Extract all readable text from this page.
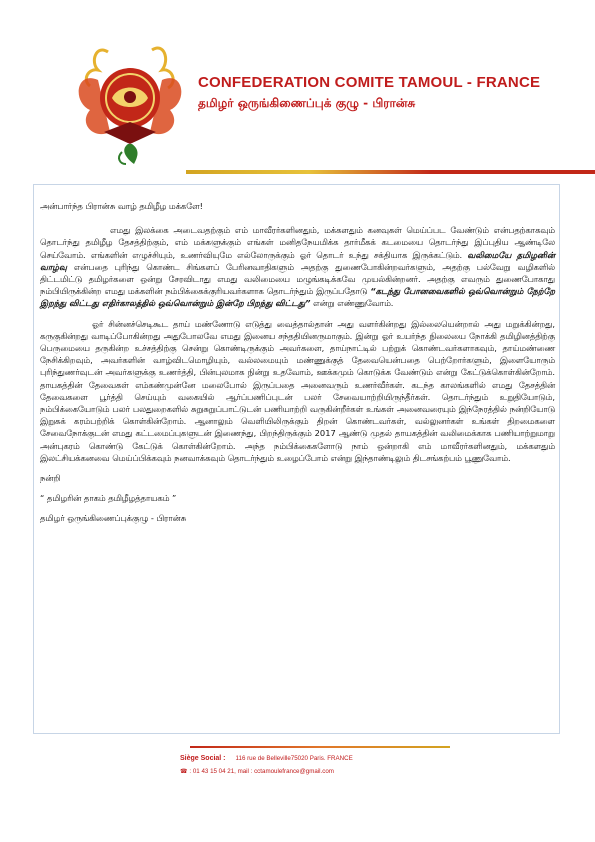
CONFEDERATION COMITE TAMOUL - FRANCE
தமிழர் ஒருங்கிணைப்புக் குழு - பிரான்சு

அன்பார்ந்த பிரான்சு வாழ் தமிழீழ மக்களே!

எமது இலக்கை அடைவதற்கும் எம் மாவீரர்களினதும், மக்களதும் கனவுகள் மெய்ப்பட வேண்டும் என்பதற்காகவும் தொடர்ந்து தமிழீழ தேசத்திற்கும், எம் மக்களுக்கும் எங்கள் மனிதநேயமிக்க தார்மீகக் கடமையை தொடர்ந்து இப்புதிய ஆண்டிலே செய்வோம். எங்களின் எழுச்சியும், உணர்வியுமே எல்லோருக்கும் ஓர் தொடர் உந்து சக்தியாக இருக்கட்டும். வலிமையே தமிழனின் வாழ்வு என்பதை புரிந்து கொண்ட சிங்களப் பேரினவாதிகளும் அதற்கு துணைபோகின்றவர்களும், அதற்கு பல்வேறு வழிகளில் திட்டமிட்டு தமிழர்களை ஒன்று சேரவிடாது எமது வலிமையை மழுங்கடிக்கவே முயல்கின்றனர். அதற்கு எவரும் துணைபோகாது நம்பியிருக்கின்ற எமது மக்களின் நம்பிக்கைக்குரியவர்களாக தொடர்ந்தும் இருப்பதோடு “கடந்து போனவைகளில் ஒவ்வொன்றும் நேற்றே இறந்து விட்டது எதிர்காலத்தில் ஒவ்வொன்றும் இன்றே பிறந்து விட்டது” என்று எண்ணுவோம்.

ஓர் சின்னச்செடிகூட தாய் மண்ணோடு எடுத்து வைத்தால்தான் அது வளர்கின்றது இல்லையென்றால் அது மறுக்கின்றது, கருகுகின்றது வாடிப்போகின்றது அதுபோலவே எமது இனைய சந்ததியினருமாகும். இன்று ஓர் உயர்ந்த நிலையை நோக்கி தமிழினத்திற்கு பெருமையை தருகின்ற உச்சத்திற்கு சென்று கொண்டிருக்கும் அவர்களை, தாய்நாட்டில் பற்றுக் கொண்டவர்களாகவும், தாய்மண்ணை நேசிக்கிறவும், அவர்களின் வாழ்விடமொழியும், வல்லமையும் மண்ணுக்குத் தேவையென்பதை பெற்றோர்களும், இளையோரும் புரிந்துணர்வுடன் அவர்களுக்கு உணர்த்தி, பின்புலமாக நின்று உதவோம், ஊக்கமும் கொடுக்க வேண்டும் என்று கேட்டுக்கொள்கின்றோம். தாயகத்தின் தேவைகள் எம்கண்முன்னே மலைபோல் இருப்பதை அனைவரும் உணர்வீர்கள். கடந்த காலங்களில் எமது தேசத்தின் தேவைகளை பூர்த்தி செய்யும் வகையில் ஆர்ப்பணிப்புடன் பலர் சேவையாற்றியிருந்தீர்கள். தொடர்ந்தும் உறுதியோடும், நம்பிக்கையோடும் பலர் பலதுறைகளில் சுறுசுறுப்பாட்டுடன் பணியாற்றி வருகின்றீர்கள் உங்கள் அனைவரையும் இந்நேரத்தில் நன்றியோடு இறுகக் கரம்பற்றிக் கொள்கின்றோம். ஆனாலும் வெளியிலிருக்கும் திறன் கொண்டவர்கள், வல்லுனர்கள் உங்கள் திறமைகளை சேவைநோக்குடன் எமது கட்டமைப்புகளுடன் இணைந்து, பிறந்திருக்கும் 2017 ஆண்டு முதல் தாயகத்தின் வலிமைக்காக பணியாற்றுமாறு அன்புகரம் கொண்டு கேட்டுக் கொள்கின்றோம். அந்த நம்பிக்கைகளோடு நாம் ஒன்றாகி எம் மாவீரர்களினதும், மக்களதும் இலட்சியக்கனவை மெய்ப்பிக்கவும் நனவாக்கவும் தொடர்ந்தும் உழைப்போம் என்று இந்தாண்டிலும் திடசங்கற்பம் பூணுவோம்.

நன்றி

“ தமிழரின் தாகம் தமிழீழத்தாயகம் ”

தமிழர் ஒருங்கிணைப்புக்குழு - பிரான்சு

Siège Social : 116 rue de Belleville75020 Paris. FRANCE
☎ : 01 43 15 04 21, mail : cctamoulefrance@gmail.com
